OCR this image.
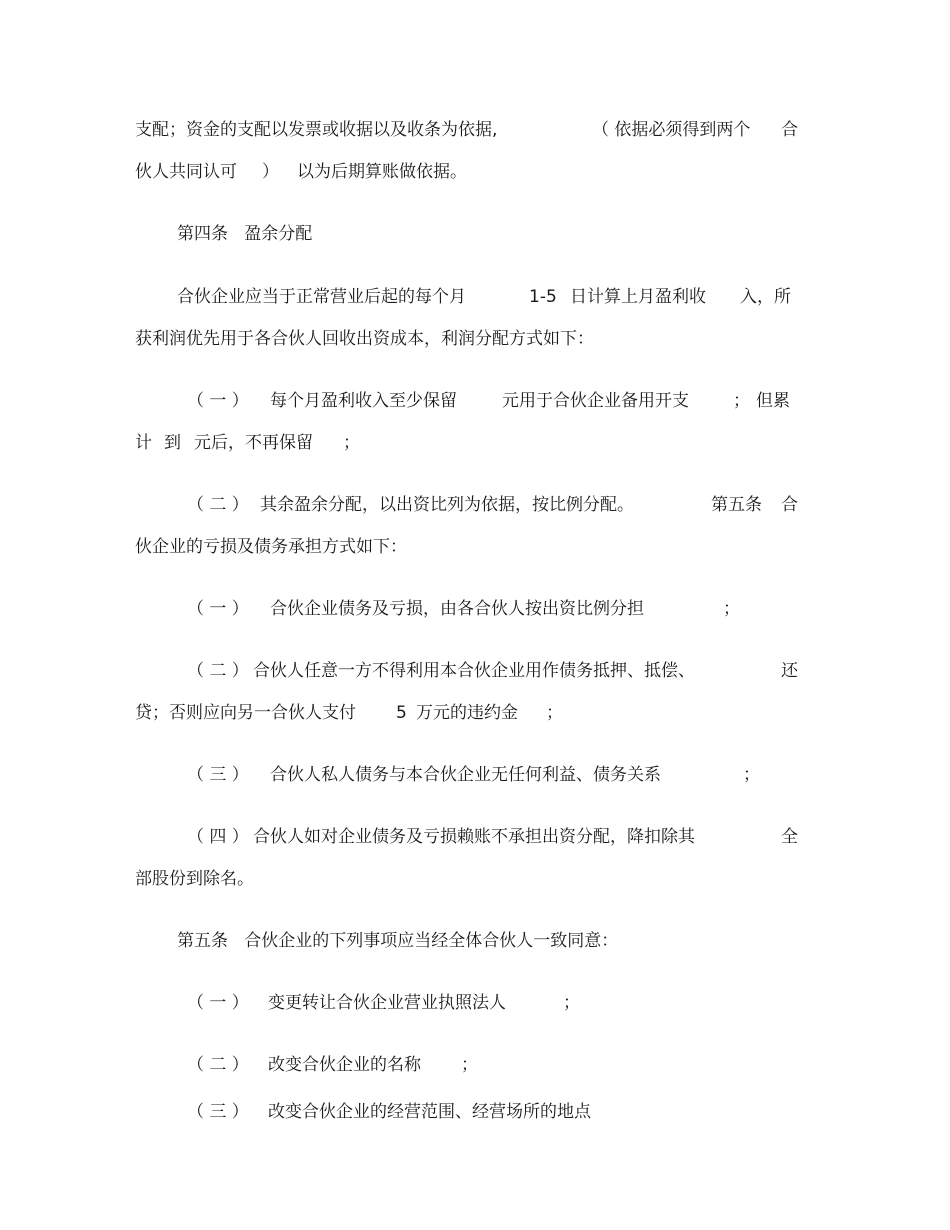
支配；资金的支配以发票或收据以及收条为依据,

	（ 依据必须得到两个

合

伙人共同认可

）

以为后期算账做依据。

第四条   盈余分配

合伙企业应当于正常营业后起的每个月

	1-5

日计算上月盈利收

入，所

获利润优先用于各合伙人回收出资成本，利润分配方式如下：

（ 一 ）

每个月盈利收入至少保留

	元用于合伙企业备用开支

	；

但累

计

到

元后，不再保留

；

（ 二 ）

其余盈余分配，以出资比列为依据，按比例分配。

	第五条

合

伙企业的亏损及债务承担方式如下：

（ 一 ）

合伙企业债务及亏损，由各合伙人按出资比例分担

	；

（ 二 ）

合伙人任意一方不得利用本合伙企业用作债务抵押、抵偿、

	还

贷；否则应向另一合伙人支付

5

万元的违约金

；

（ 三 ）

合伙人私人债务与本合伙企业无任何利益、债务关系

	；

（ 四 ）

合伙人如对企业债务及亏损赖账不承担出资分配，降扣除其

	全

部股份到除名。

第五条   合伙企业的下列事项应当经全体合伙人一致同意：

（ 一 ）

变更转让合伙企业营业执照法人

	；

（ 二 ）

改变合伙企业的名称

；

（ 三 ）

改变合伙企业的经营范围、经营场所的地点
